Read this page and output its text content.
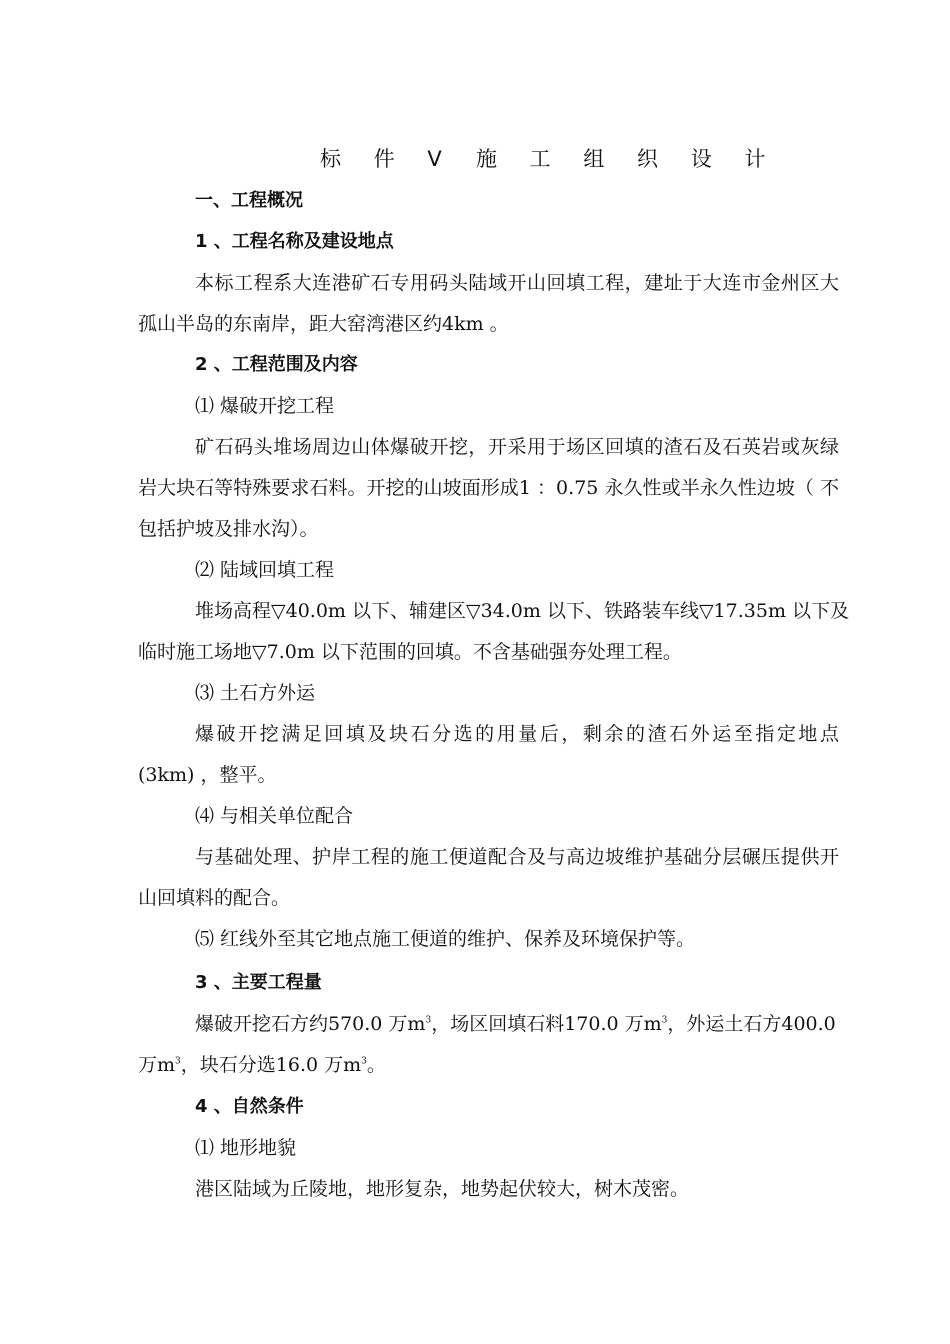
标 件 V 施 工 组 织 设 计
一、工程概况
1 、工程名称及建设地点
本标工程系大连港矿石专用码头陆域开山回填工程，建址于大连市金州区大
孤山半岛的东南岸，距大窑湾港区约4km 。
2 、工程范围及内容
⑴ 爆破开挖工程
矿石码头堆场周边山体爆破开挖，开采用于场区回填的渣石及石英岩或灰绿
岩大块石等特殊要求石料。开挖的山坡面形成1 ：0.75 永久性或半永久性边坡（ 不
包括护坡及排水沟）。
⑵ 陆域回填工程
堆场高程▽40.0m 以下、辅建区▽34.0m 以下、铁路装车线▽17.35m 以下及
临时施工场地▽7.0m 以下范围的回填。不含基础强夯处理工程。
⑶ 土石方外运
爆破开挖满足回填及块石分选的用量后，剩余的渣石外运至指定地点
(3km) ，整平。
⑷ 与相关单位配合
与基础处理、护岸工程的施工便道配合及与高边坡维护基础分层碾压提供开
山回填料的配合。
⑸ 红线外至其它地点施工便道的维护、保养及环境保护等。
3 、主要工程量
爆破开挖石方约570.0 万$m^3$，场区回填石料170.0 万$m^3$，外运土石方400.0
万$m^3$，块石分选16.0 万$m^3$。
4 、自然条件
⑴ 地形地貌
港区陆域为丘陵地，地形复杂，地势起伏较大，树木茂密。
